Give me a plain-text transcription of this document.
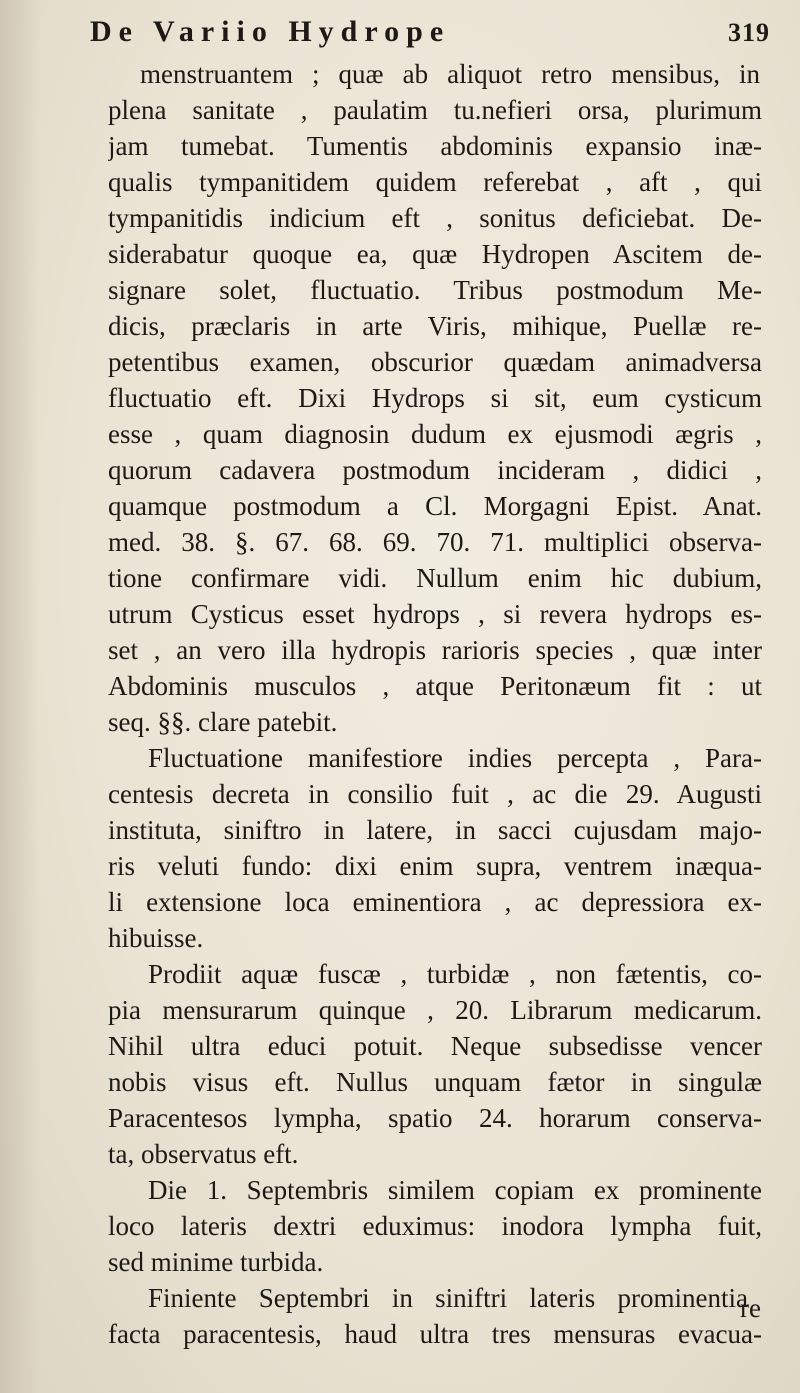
De Variio Hydrope	319
menstruantem ; quæ ab aliquot retro mensibus, in
plena sanitate , paulatim tu.nefieri orsa, plurimum
jam tumebat. Tumentis abdominis expansio inæ-
qualis tympanitidem quidem referebat , aft , qui
tympanitidis indicium eft , sonitus deficiebat. De-
siderabatur quoque ea, quæ Hydropen Ascitem de-
signare solet, fluctuatio. Tribus postmodum Me-
dicis, præclaris in arte Viris, mihique, Puellæ re-
petentibus examen, obscurior quædam animadversa
fluctuatio eft. Dixi Hydrops si sit, eum cysticum
esse , quam diagnosin dudum ex ejusmodi ægris ,
quorum cadavera postmodum incideram , didici ,
quamque postmodum a Cl. Morgagni Epist. Anat.
med. 38. §. 67. 68. 69. 70. 71. multiplici observa-
tione confirmare vidi. Nullum enim hic dubium,
utrum Cysticus esset hydrops , si revera hydrops es-
set , an vero illa hydropis rarioris species , quæ inter
Abdominis musculos , atque Peritonæum fit : ut
seq. §§. clare patebit.
Fluctuatione manifestiore indies percepta , Para-
centesis decreta in consilio fuit , ac die 29. Augusti
instituta, siniftro in latere, in sacci cujusdam majo-
ris veluti fundo: dixi enim supra, ventrem inæqua-
li extensione loca eminentiora , ac depressiora ex-
hibuisse.
Prodiit aquæ fuscæ , turbidæ , non fætentis, co-
pia mensurarum quinque , 20. Librarum medicarum.
Nihil ultra educi potuit. Neque subsedisse vencer
nobis visus eft. Nullus unquam fætor in singulæ
Paracentesos lympha, spatio 24. horarum conserva-
ta, observatus eft.
Die 1. Septembris similem copiam ex prominente
loco lateris dextri eduximus: inodora lympha fuit,
sed minime turbida.
Finiente Septembri in siniftri lateris prominentia
facta paracentesis, haud ultra tres mensuras evacua-
re
